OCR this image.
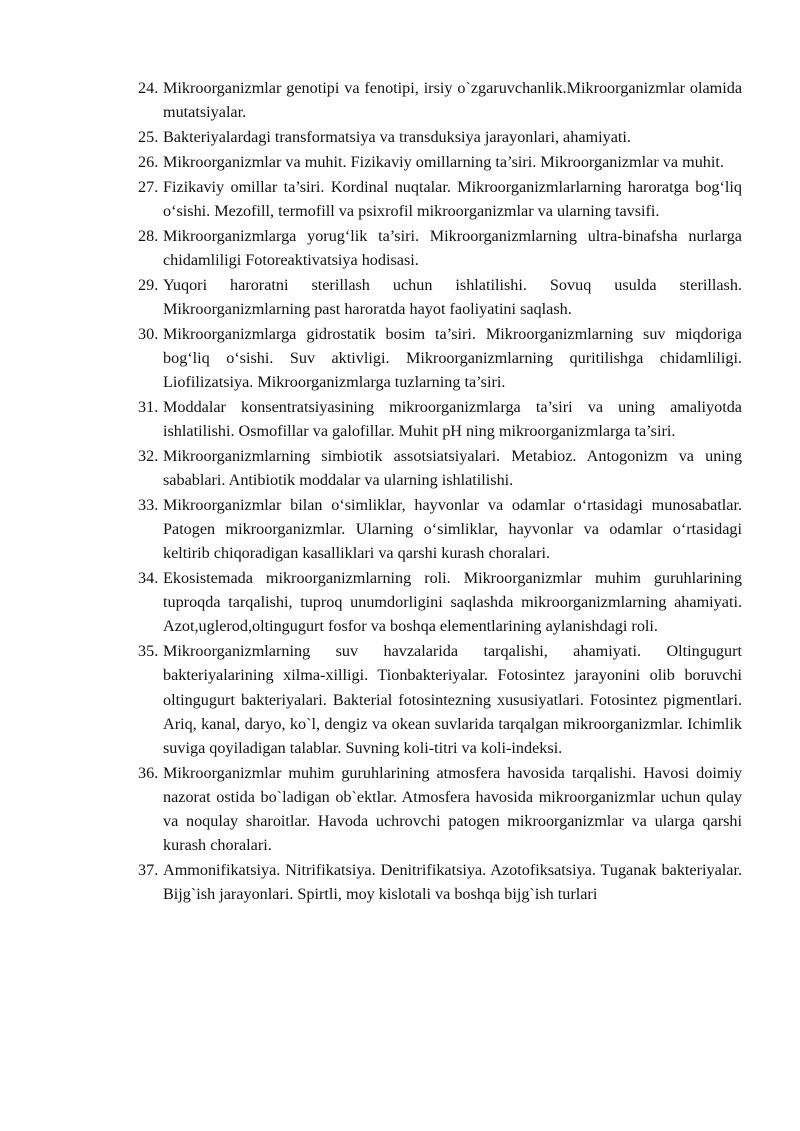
24. Mikroorganizmlar genotipi va fenotipi, irsiy o`zgaruvchanlik.Mikroorganizmlar olamida mutatsiyalar.
25. Bakteriyalardagi transformatsiya va transduksiya jarayonlari, ahamiyati.
26. Mikroorganizmlar va muhit. Fizikaviy omillarning ta’siri. Mikroorganizmlar va muhit.
27. Fizikaviy omillar ta’siri. Kordinal nuqtalar. Mikroorganizmlarlarning haroratga bog‘liq o‘sishi. Mezofill, termofill va psixrofil mikroorganizmlar va ularning tavsifi.
28. Mikroorganizmlarga yorug‘lik ta’siri. Mikroorganizmlarning ultra-binafsha nurlarga chidamliligi Fotoreaktivatsiya hodisasi.
29. Yuqori haroratni sterillash uchun ishlatilishi. Sovuq usulda sterillash. Mikroorganizmlarning past haroratda hayot faoliyatini saqlash.
30. Mikroorganizmlarga gidrostatik bosim ta’siri. Mikroorganizmlarning suv miqdoriga bog‘liq o‘sishi. Suv aktivligi. Mikroorganizmlarning quritilishga chidamliligi. Liofilizatsiya. Mikroorganizmlarga tuzlarning ta’siri.
31. Moddalar konsentratsiyasining mikroorganizmlarga ta’siri va uning amaliyotda ishlatilishi. Osmofillar va galofillar. Muhit pH ning mikroorganizmlarga ta’siri.
32. Mikroorganizmlarning simbiotik assotsiatsiyalari. Metabioz. Antogonizm va uning sabablari. Antibiotik moddalar va ularning ishlatilishi.
33. Mikroorganizmlar bilan o‘simliklar, hayvonlar va odamlar o‘rtasidagi munosabatlar. Patogen mikroorganizmlar. Ularning o‘simliklar, hayvonlar va odamlar o‘rtasidagi keltirib chiqoradigan kasalliklari va qarshi kurash choralari.
34. Ekosistemada mikroorganizmlarning roli. Mikroorganizmlar muhim guruhlarining tuproqda tarqalishi, tuproq unumdorligini saqlashda mikroorganizmlarning ahamiyati. Azot,uglerod,oltingugurt fosfor va boshqa elementlarining aylanishdagi roli.
35. Mikroorganizmlarning suv havzalarida tarqalishi, ahamiyati. Oltingugurt bakteriyalarining xilma-xilligi. Tionbakteriyalar. Fotosintez jarayonini olib boruvchi oltingugurt bakteriyalari. Bakterial fotosintezning xususiyatlari. Fotosintez pigmentlari. Ariq, kanal, daryo, ko`l, dengiz va okean suvlarida tarqalgan mikroorganizmlar. Ichimlik suviga qoyiladigan talablar. Suvning koli-titri va koli-indeksi.
36. Mikroorganizmlar muhim guruhlarining atmosfera havosida tarqalishi. Havosi doimiy nazorat ostida bo`ladigan ob`ektlar. Atmosfera havosida mikroorganizmlar uchun qulay va noqulay sharoitlar. Havoda uchrovchi patogen mikroorganizmlar va ularga qarshi kurash choralari.
37. Ammonifikatsiya. Nitrifikatsiya. Denitrifikatsiya. Azotofiksatsiya. Tuganak bakteriyalar. Bijg`ish jarayonlari. Spirtli, moy kislotali va boshqa bijg`ish turlari
